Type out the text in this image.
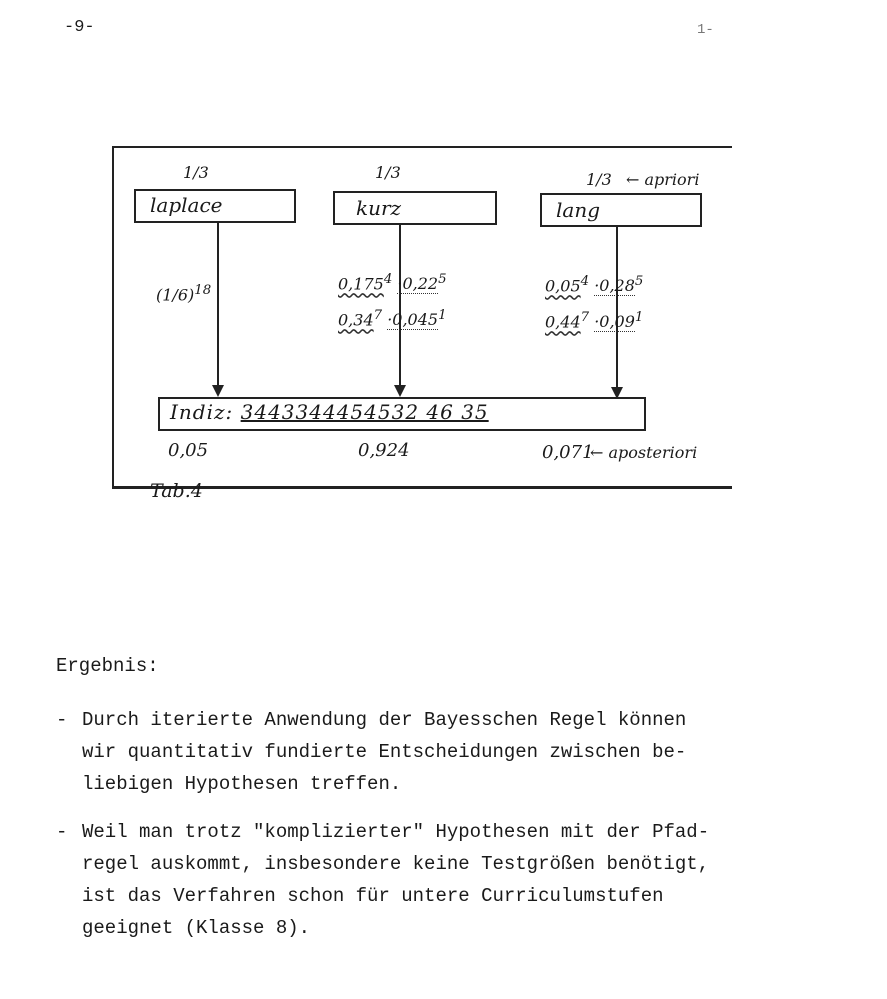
-9-	1-
1/3	1/3	1/3 ← apriori
laplace	kurz	lang
$(1/6)^{18}$	$0,175^4 \cdot 0,22^5$
$0,34^7 \cdot 0,045^1$
$0,05^4 \cdot 0,28^5$
$0,44^7 \cdot 0,09^1$
Indiz: 3443344454532 46 35
0,05	0,924	0,071
← aposteriori
Tab.4
Ergebnis:
- Durch iterierte Anwendung der Bayesschen Regel können
wir quantitativ fundierte Entscheidungen zwischen be-
liebigen Hypothesen treffen.
- Weil man trotz "komplizierter" Hypothesen mit der Pfad-
regel auskommt, insbesondere keine Testgrößen benötigt,
ist das Verfahren schon für untere Curriculumstufen
geeignet (Klasse 8).
